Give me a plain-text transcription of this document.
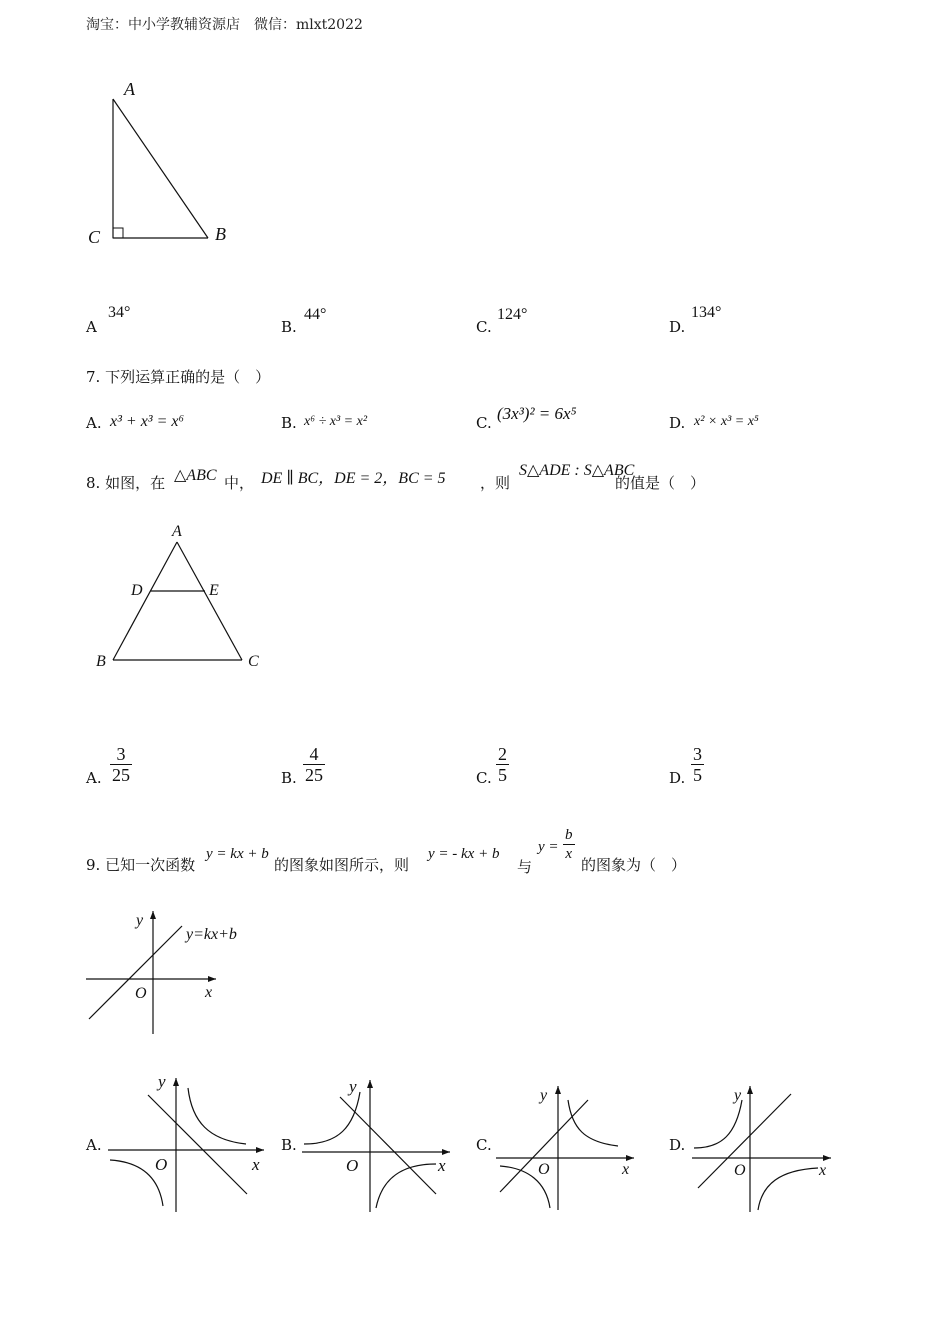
淘宝：中小学教辅资源店　微信：mlxt2022
A
C	B
A
34°
B.
44°
C.
124°
D.
134°
7. 下列运算正确的是（　）
A. x³ + x³ = x⁶	B. x⁶ ÷ x³ = x²	C. (3x³)² = 6x⁵	D. x² × x³ = x⁵
8. 如图，在 △ABC 中， DE ∥ BC，DE = 2，BC = 5 ，则
S△ADE : S△ABC
的值是（　）
A
D	E
B	C
A. $\frac{3}{25}$	B. $\frac{4}{25}$	C. $\frac{2}{5}$	D. $\frac{3}{5}$
9. 已知一次函数
y = kx + b
的图象如图所示，则
y = - kx + b
与
$y = \frac{b}{x}$
的图象为（　）
y
x
O
y=kx+b
A.
y
x
O
B.
y
x
O
C.
y
x
O
D.
y
x
O
